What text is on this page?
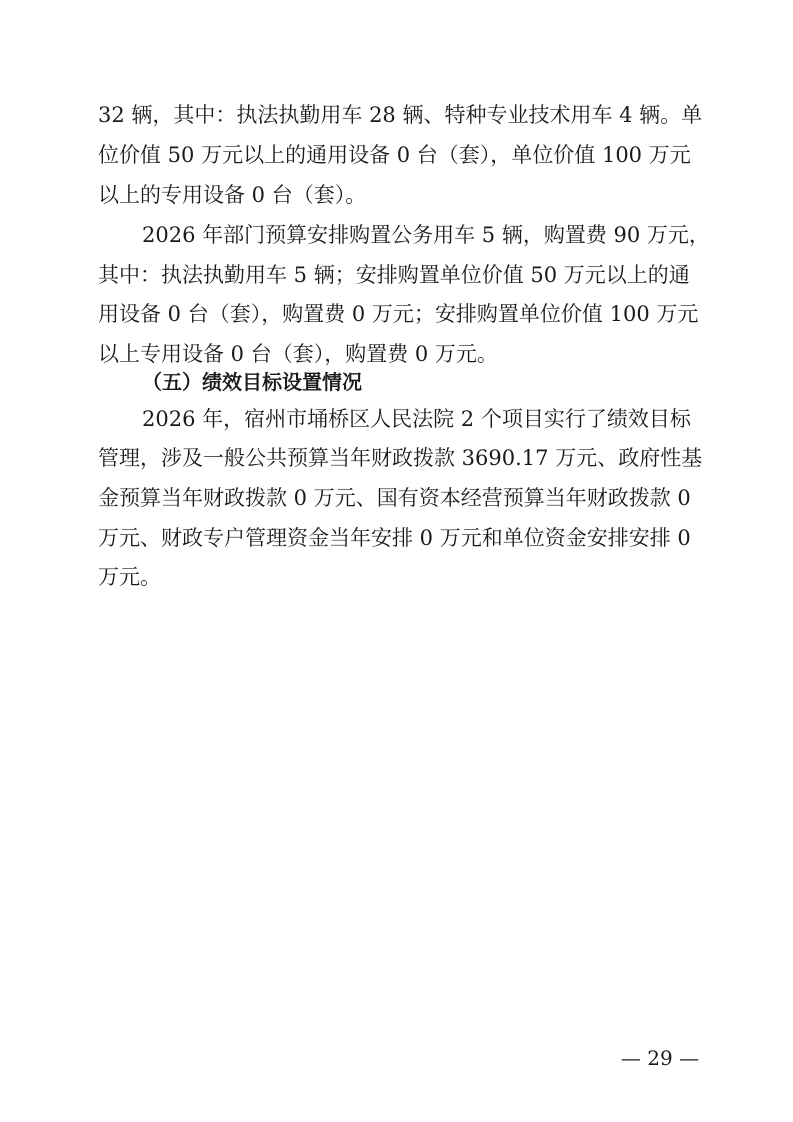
32 辆，其中：执法执勤用车 28 辆、特种专业技术用车 4 辆。单
位价值 50 万元以上的通用设备 0 台（套），单位价值 100 万元
以上的专用设备 0 台（套）。
2026 年部门预算安排购置公务用车 5 辆，购置费 90 万元，
其中：执法执勤用车 5 辆；安排购置单位价值 50 万元以上的通
用设备 0 台（套），购置费 0 万元；安排购置单位价值 100 万元
以上专用设备 0 台（套），购置费 0 万元。
（五）绩效目标设置情况
2026 年，宿州市埇桥区人民法院 2 个项目实行了绩效目标
管理，涉及一般公共预算当年财政拨款 3690.17 万元、政府性基
金预算当年财政拨款 0 万元、国有资本经营预算当年财政拨款 0
万元、财政专户管理资金当年安排 0 万元和单位资金安排安排 0
万元。
— 29 —
